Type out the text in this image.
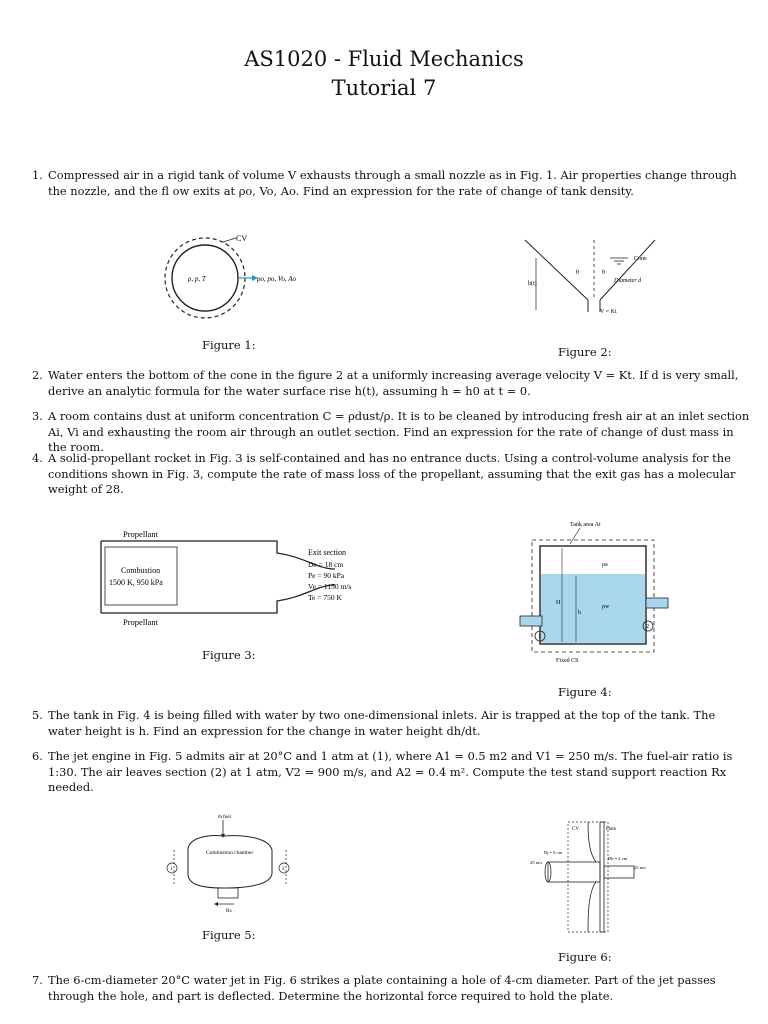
AS1020 - Fluid Mechanics
Tutorial 7
1. Compressed air in a rigid tank of volume V exhausts through a small nozzle as in Fig. 1. Air properties change through the nozzle, and the fl ow exits at ρo, Vo, Ao. Find an expression for the rate of change of tank density.
CV
ρ, p, T	ρo, po, Vo, Ao
Figure 1:
Cone
Diameter d
h(t)
θ	θ
V = Kt
Figure 2:
2. Water enters the bottom of the cone in the figure 2 at a uniformly increasing average velocity V = Kt. If d is very small, derive an analytic formula for the water surface rise h(t), assuming h = h0 at t = 0.
3. A room contains dust at uniform concentration C = ρdust/ρ. It is to be cleaned by introducing fresh air at an inlet section Ai, Vi and exhausting the room air through an outlet section. Find an expression for the rate of change of dust mass in the room.
4. A solid-propellant rocket in Fig. 3 is self-contained and has no entrance ducts. Using a control-volume analysis for the conditions shown in Fig. 3, compute the rate of mass loss of the propellant, assuming that the exit gas has a molecular weight of 28.
Propellant
Combustion
1500 K, 950 kPa
Propellant
Exit section
De = 18 cm
Pe = 90 kPa
Ve = 1150 m/s
Te = 750 K
Figure 3:
Tank area At
ρa
ρw
H
h
1
2
Fixed CS
Figure 4:
5. The tank in Fig. 4 is being filled with water by two one-dimensional inlets. Air is trapped at the top of the tank. The water height is h. Find an expression for the change in water height dh/dt.
6. The jet engine in Fig. 5 admits air at 20°C and 1 atm at (1), where A1 = 0.5 m2 and V1 = 250 m/s. The fuel-air ratio is 1:30. The air leaves section (2) at 1 atm, V2 = 900 m/s, and A2 = 0.4 m². Compute the test stand support reaction Rx needed.
ṁ fuel
Combustion chamber
1	2
Rx
Figure 5:
CV	Plate
Dj = 6 cm
25 m/s
Dh = 4 cm
25 m/s
Figure 6:
7. The 6-cm-diameter 20°C water jet in Fig. 6 strikes a plate containing a hole of 4-cm diameter. Part of the jet passes through the hole, and part is deflected. Determine the horizontal force required to hold the plate.
